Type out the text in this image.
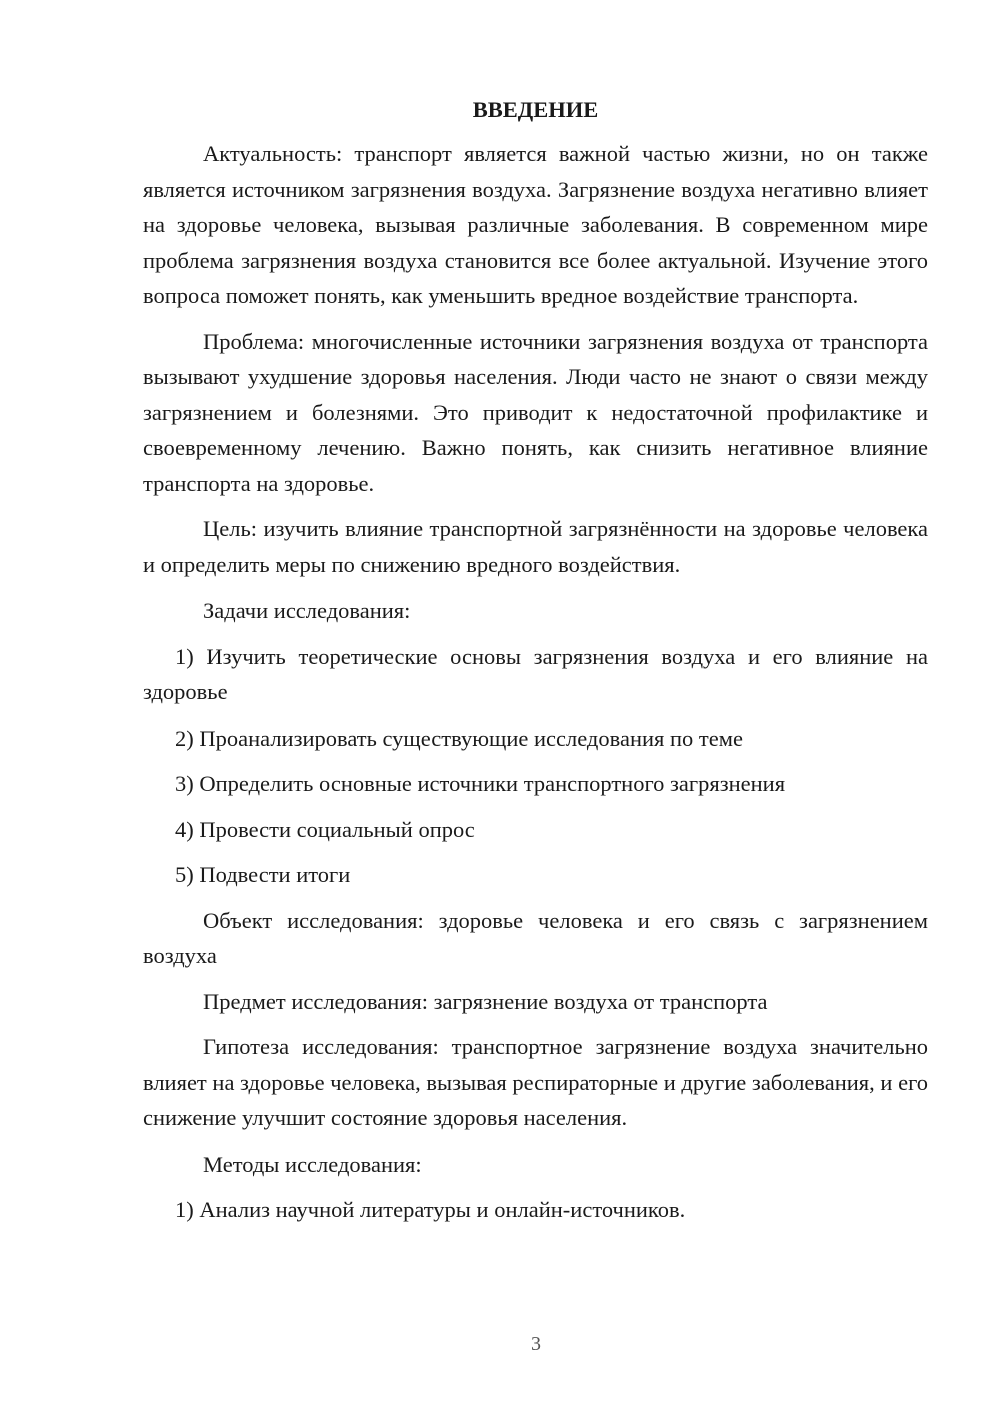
ВВЕДЕНИЕ

Актуальность: транспорт является важной частью жизни, но он также является источником загрязнения воздуха. Загрязнение воздуха негативно влияет на здоровье человека, вызывая различные заболевания. В современном мире проблема загрязнения воздуха становится все более актуальной. Изучение этого вопроса поможет понять, как уменьшить вредное воздействие транспорта.

Проблема: многочисленные источники загрязнения воздуха от транспорта вызывают ухудшение здоровья населения. Люди часто не знают о связи между загрязнением и болезнями. Это приводит к недостаточной профилактике и своевременному лечению. Важно понять, как снизить негативное влияние транспорта на здоровье.

Цель: изучить влияние транспортной загрязнённости на здоровье человека и определить меры по снижению вредного воздействия.

Задачи исследования:

1) Изучить теоретические основы загрязнения воздуха и его влияние на здоровье

2) Проанализировать существующие исследования по теме

3) Определить основные источники транспортного загрязнения

4) Провести социальный опрос

5) Подвести итоги

Объект исследования: здоровье человека и его связь с загрязнением воздуха

Предмет исследования: загрязнение воздуха от транспорта

Гипотеза исследования: транспортное загрязнение воздуха значительно влияет на здоровье человека, вызывая респираторные и другие заболевания, и его снижение улучшит состояние здоровья населения.

Методы исследования:

1) Анализ научной литературы и онлайн-источников.

3
